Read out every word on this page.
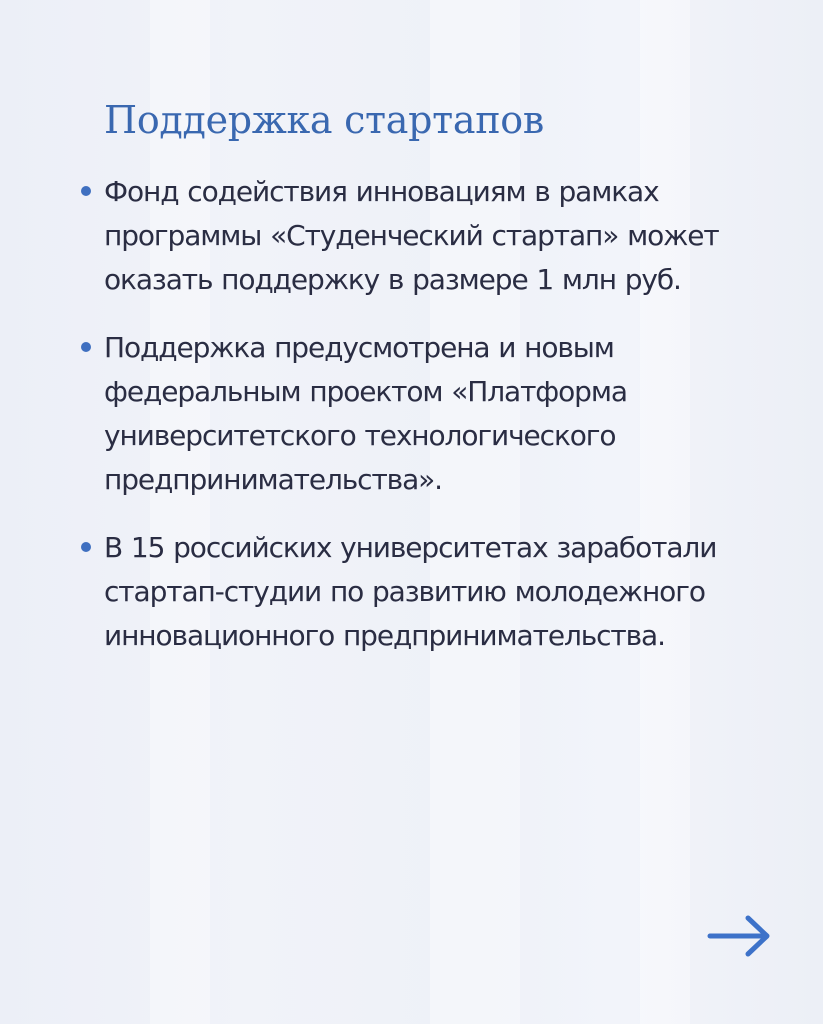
Поддержка стартапов
Фонд содействия инновациям в рамках программы «Студенческий стартап» может оказать поддержку в размере 1 млн руб.
Поддержка предусмотрена и новым федеральным проектом «Платформа университетского технологического предпринимательства».
В 15 российских университетах заработали стартап-студии по развитию молодежного инновационного предпринимательства.
